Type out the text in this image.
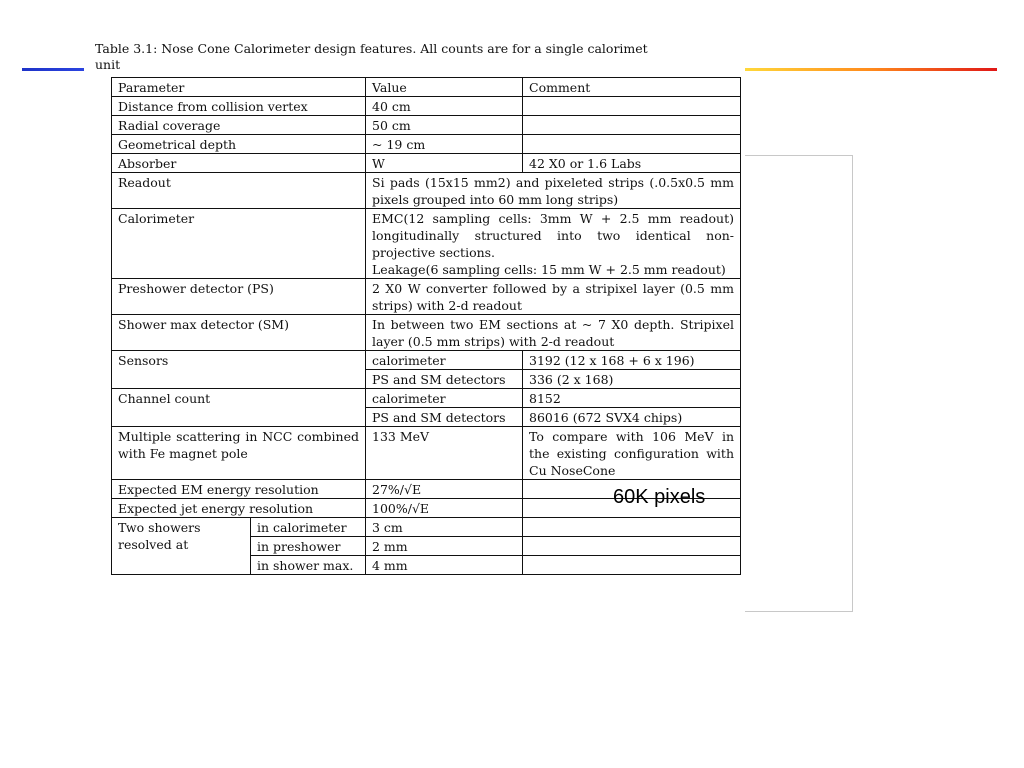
Table 3.1: Nose Cone Calorimeter design features. All counts are for a single calorimet
unit
Parameter		Value	Comment
Distance from collision vertex		40 cm	
Radial coverage		50 cm	
Geometrical depth		~ 19 cm	
Absorber		W	42 X0 or 1.6 Labs
Readout		Si pads (15x15 mm2) and pixeleted strips (.0.5x0.5 mm pixels grouped into 60 mm long strips)	
Calorimeter		EMC(12 sampling cells: 3mm W + 2.5 mm readout) longitudinally structured into two identical non-projective sections.
Leakage(6 sampling cells: 15 mm W + 2.5 mm readout)	

Preshower detector (PS)		2 X0 W converter followed by a stripixel layer (0.5 mm strips) with 2-d readout	
Shower max detector (SM)		In between two EM sections at ~ 7 X0 depth. Stripixel layer (0.5 mm strips) with 2-d readout	
Sensors		calorimeter	3192 (12 x 168 + 6 x 196)
		PS and SM detectors	336 (2 x 168)
Channel count		calorimeter	8152
		PS and SM detectors	86016 (672 SVX4 chips)
Multiple scattering in NCC combined with Fe magnet pole		133 MeV	To compare with 106 MeV in the existing configuration with Cu NoseCone
Expected EM energy resolution		27%/√E	
Expected jet energy resolution		100%/√E	
Two showers resolved at	in calorimeter	3 cm	
	in preshower	2 mm	
	in shower max.	4 mm	
60K pixels
